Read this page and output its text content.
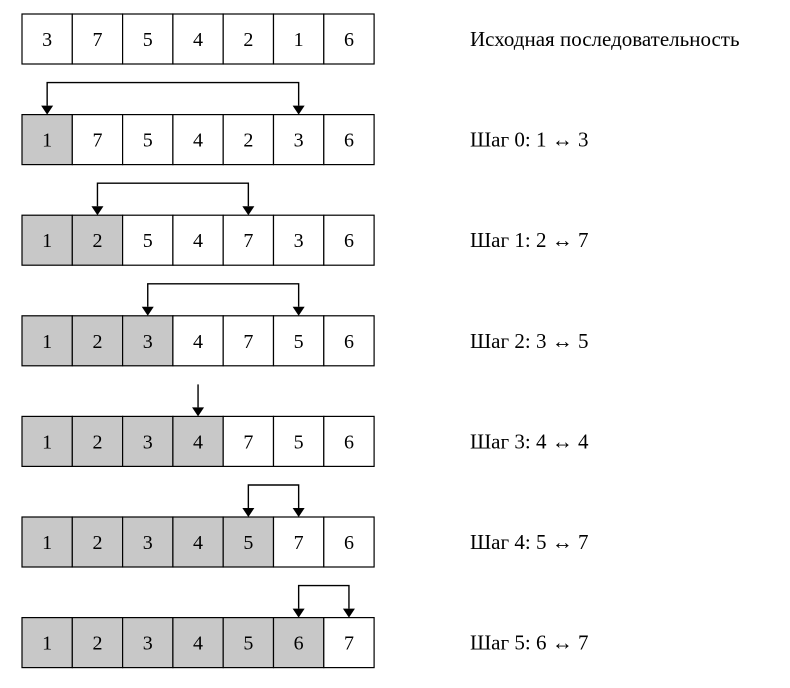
3 7 5 4 2 1 6	Исходная последовательность
1 7 5 4 2 3 6	Шаг 0: 1 ↔ 3
1 2 5 4 7 3 6	Шаг 1: 2 ↔ 7
1 2 3 4 7 5 6	Шаг 2: 3 ↔ 5
1 2 3 4 7 5 6	Шаг 3: 4 ↔ 4
1 2 3 4 5 7 6	Шаг 4: 5 ↔ 7
1 2 3 4 5 6 7	Шаг 5: 6 ↔ 7
